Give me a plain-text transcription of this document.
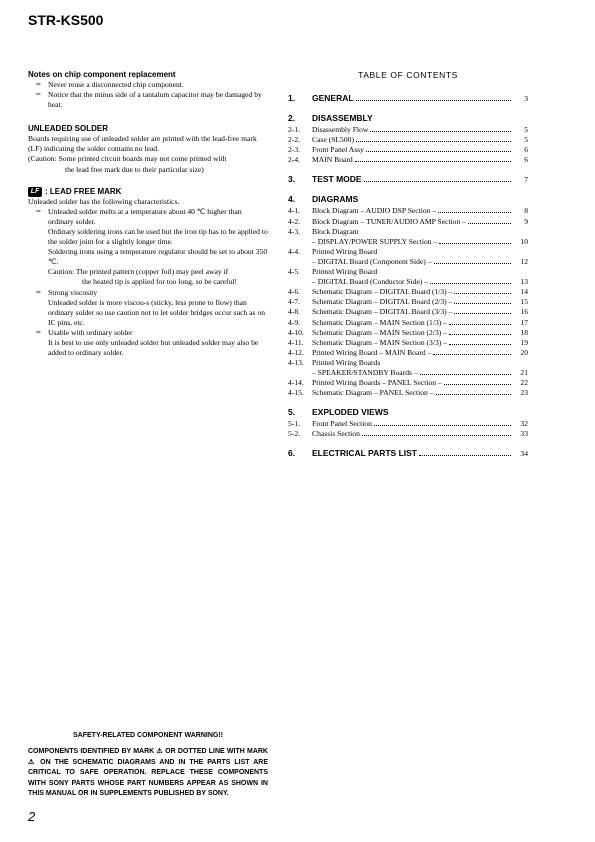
STR-KS500
Notes on chip component replacement
✑ Never reuse a disconnected chip component.
✑ Notice that the minus side of a tantalum capacitor may be damaged by heat.
UNLEADED SOLDER
Boards requiring use of unleaded solder are printed with the lead-free mark (LF) indicating the solder contains no lead.
(Caution: Some printed circuit boards may not come printed with
the lead free mark due to their particular size)
LF : LEAD FREE MARK
Unleaded solder has the following characteristics.
✑ Unleaded solder melts at a temperature about 40 ℃ higher than ordinary solder.
Ordinary soldering irons can be used but the iron tip has to be applied to the solder joint for a slightly longer time.
Soldering irons using a temperature regulator should be set to about 350 ℃.
Caution: The printed pattern (copper foil) may peel away if
the heated tip is applied for too long, so be careful!
✑ Strong viscosity
Unleaded solder is more viscou-s (sticky, less prone to flow) than ordinary solder so use caution not to let solder bridges occur such as on IC pins, etc.
✑ Usable with ordinary solder
It is best to use only unleaded solder but unleaded solder may also be added to ordinary solder.
TABLE OF CONTENTS
1.	GENERAL	3
2.	DISASSEMBLY
2-1.	Disassembly Flow	5
2-2.	Case (SL500)	5
2-3.	Front Panel Assy	6
2-4.	MAIN Board	6
3.	TEST MODE	7
4.	DIAGRAMS
4-1.	Block Diagram – AUDIO DSP Section –	8
4-2.	Block Diagram – TUNER/AUDIO AMP Section –	9
4-3.	Block Diagram
– DISPLAY/POWER SUPPLY Section –	10
4-4.	Printed Wiring Board
– DIGITAL Board (Component Side) –	12
4-5.	Printed Wiring Board
– DIGITAL Board (Conductor Side) –	13
4-6.	Schematic Diagram – DIGITAL Board (1/3) –	14
4-7.	Schematic Diagram – DIGITAL Board (2/3) –	15
4-8.	Schematic Diagram – DIGITAL Board (3/3) –	16
4-9.	Schematic Diagram – MAIN Section (1/3) –	17
4-10.	Schematic Diagram – MAIN Section (2/3) –	18
4-11.	Schematic Diagram – MAIN Section (3/3) –	19
4-12.	Printed Wiring Board – MAIN Board –	20
4-13.	Printed Wiring Boards
– SPEAKER/STANDBY Boards –	21
4-14.	Printed Wiring Boards – PANEL Section –	22
4-15.	Schematic Diagram – PANEL Section –	23
5.	EXPLODED VIEWS
5-1.	Front Panel Section	32
5-2.	Chassis Section	33
6.	ELECTRICAL PARTS LIST	34
SAFETY-RELATED COMPONENT WARNING!!
COMPONENTS IDENTIFIED BY MARK ⚠ OR DOTTED LINE WITH MARK ⚠ ON THE SCHEMATIC DIAGRAMS AND IN THE PARTS LIST ARE CRITICAL TO SAFE OPERATION. REPLACE THESE COMPONENTS WITH SONY PARTS WHOSE PART NUMBERS APPEAR AS SHOWN IN THIS MANUAL OR IN SUPPLEMENTS PUBLISHED BY SONY.
2
